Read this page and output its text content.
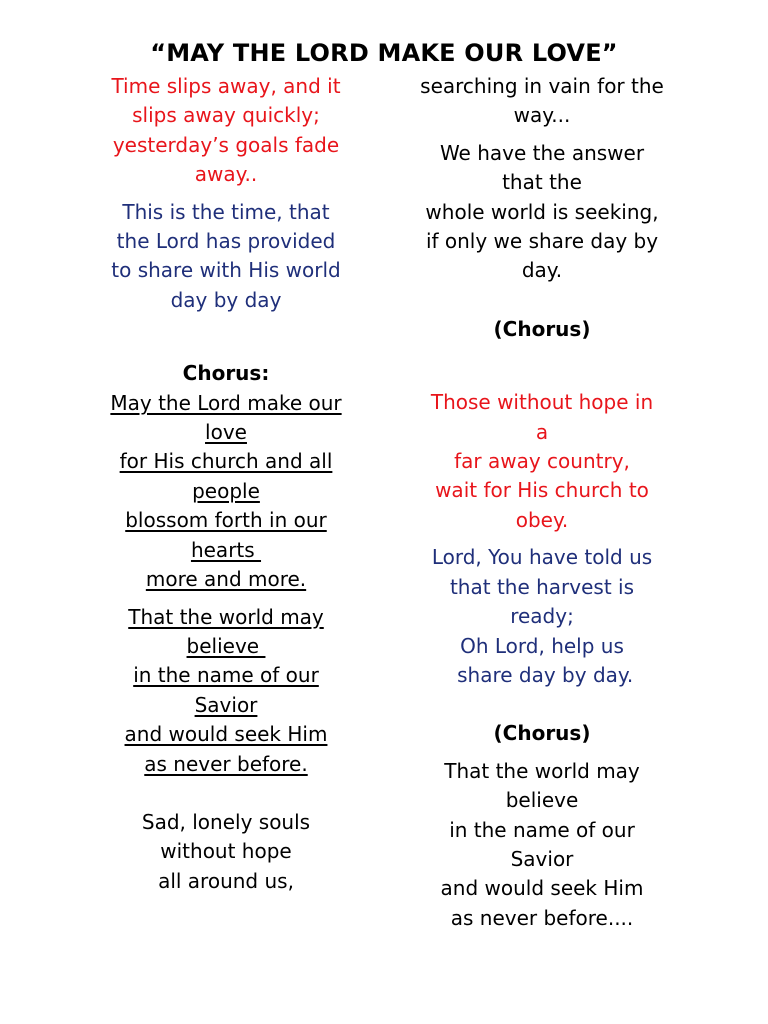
“MAY THE LORD MAKE OUR LOVE”
Time slips away, and it
slips away quickly;
yesterday’s goals fade
away..
This is the time, that
the Lord has provided
to share with His world
day by day
Chorus:
May the Lord make our
love
for His church and all
people
blossom forth in our
hearts
more and more.
That the world may
believe
in the name of our
Savior
and would seek Him
as never before.
Sad, lonely souls
without hope
all around us,
searching in vain for the
way...
We have the answer
that the
whole world is seeking,
if only we share day by
day.
(Chorus)
Those without hope in
a
far away country,
wait for His church to
obey.
Lord, You have told us
that the harvest is
ready;
Oh Lord, help us
share day by day.
(Chorus)
That the world may
believe
in the name of our
Savior
and would seek Him
as never before....
